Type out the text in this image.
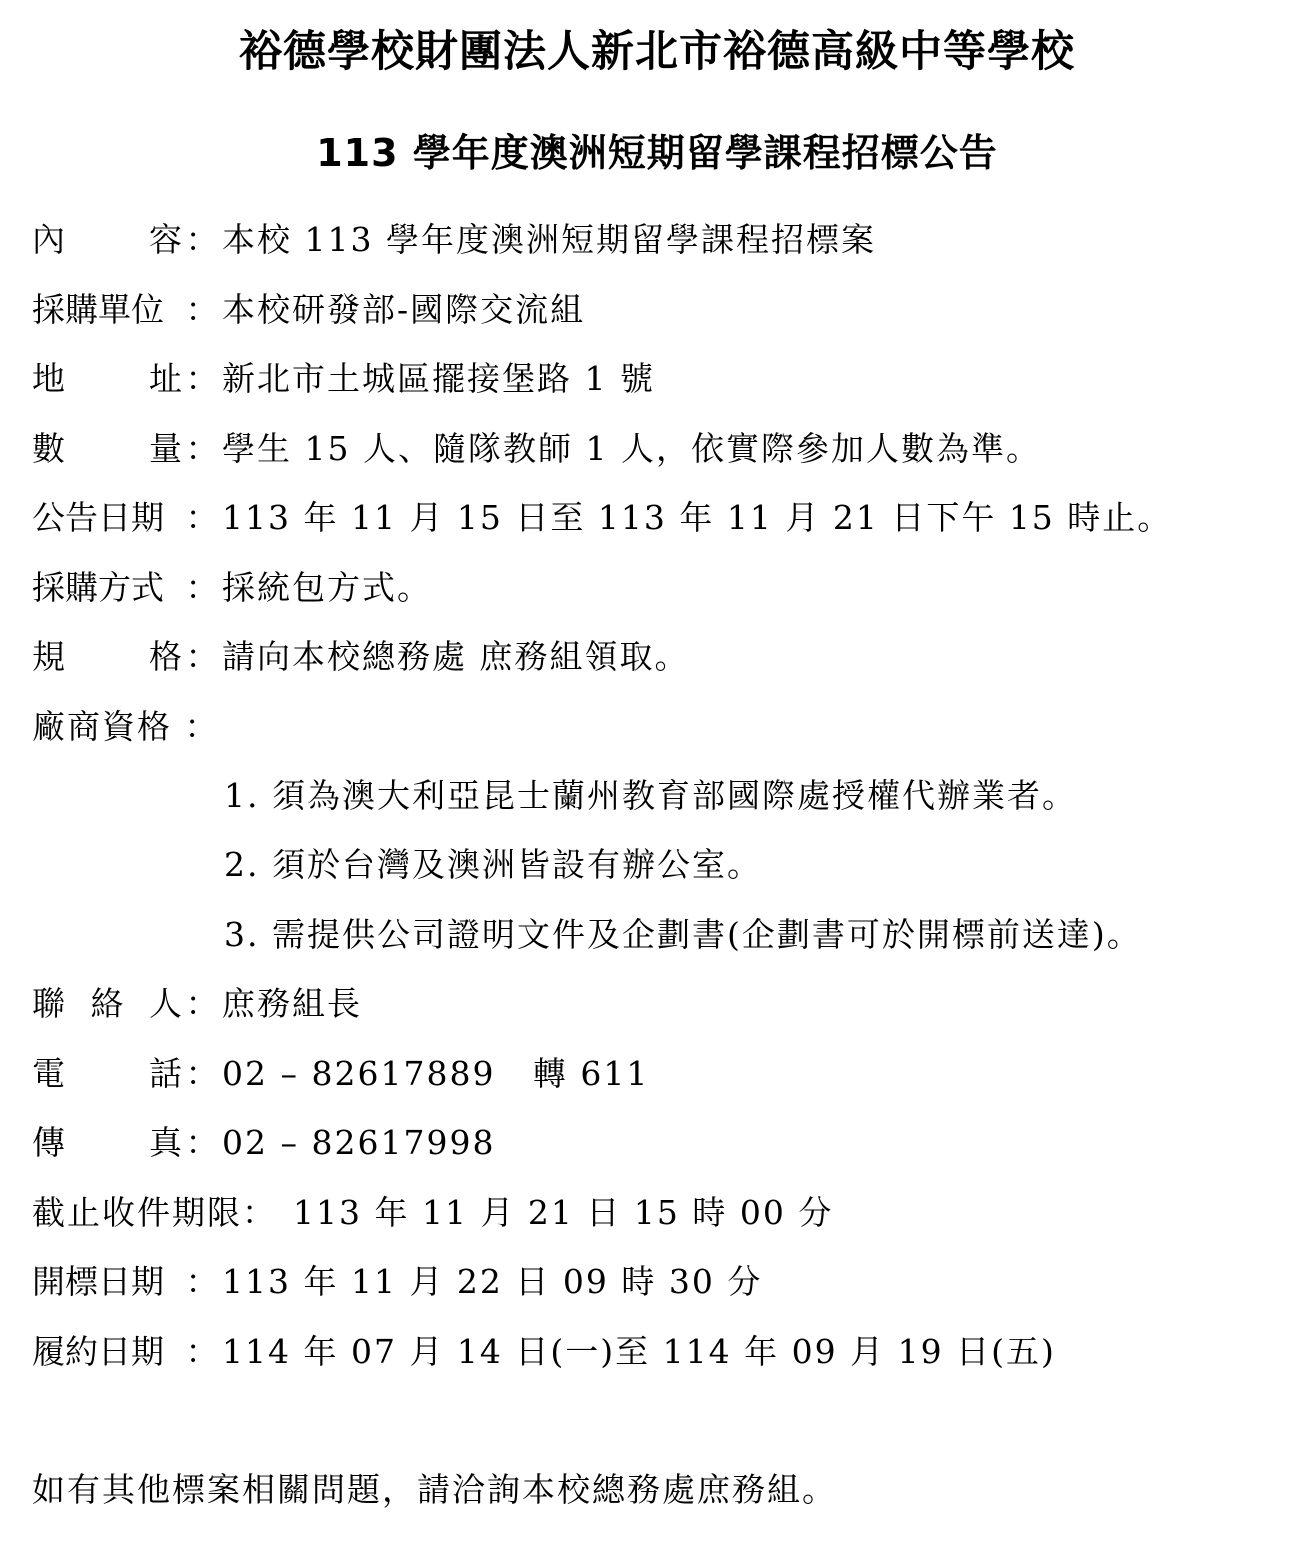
裕德學校財團法人新北市裕德高級中等學校
113 學年度澳洲短期留學課程招標公告
內	容 ： 本校 113 學年度澳洲短期留學課程招標案
採購單位 ： 本校研發部-國際交流組
地	址 ： 新北市土城區擺接堡路 1 號
數	量 ： 學生 15 人、隨隊教師 1 人，依實際參加人數為準。
公告日期 ： 113 年 11 月 15 日至 113 年 11 月 21 日下午 15 時止。
採購方式 ： 採統包方式。
規	格 ： 請向本校總務處 庶務組領取。
廠商資格 ：
1. 須為澳大利亞昆士蘭州教育部國際處授權代辦業者。
2. 須於台灣及澳洲皆設有辦公室。
3. 需提供公司證明文件及企劃書(企劃書可於開標前送達)。
聯 絡 人 ： 庶務組長
電	話 ： 02 – 82617889   轉 611
傳	真 ： 02 – 82617998
截止收件期限： 113 年 11 月 21 日 15 時 00 分
開標日期 ： 113 年 11 月 22 日 09 時 30 分
履約日期 ： 114 年 07 月 14 日(一)至 114 年 09 月 19 日(五)
如有其他標案相關問題，請洽詢本校總務處庶務組。
